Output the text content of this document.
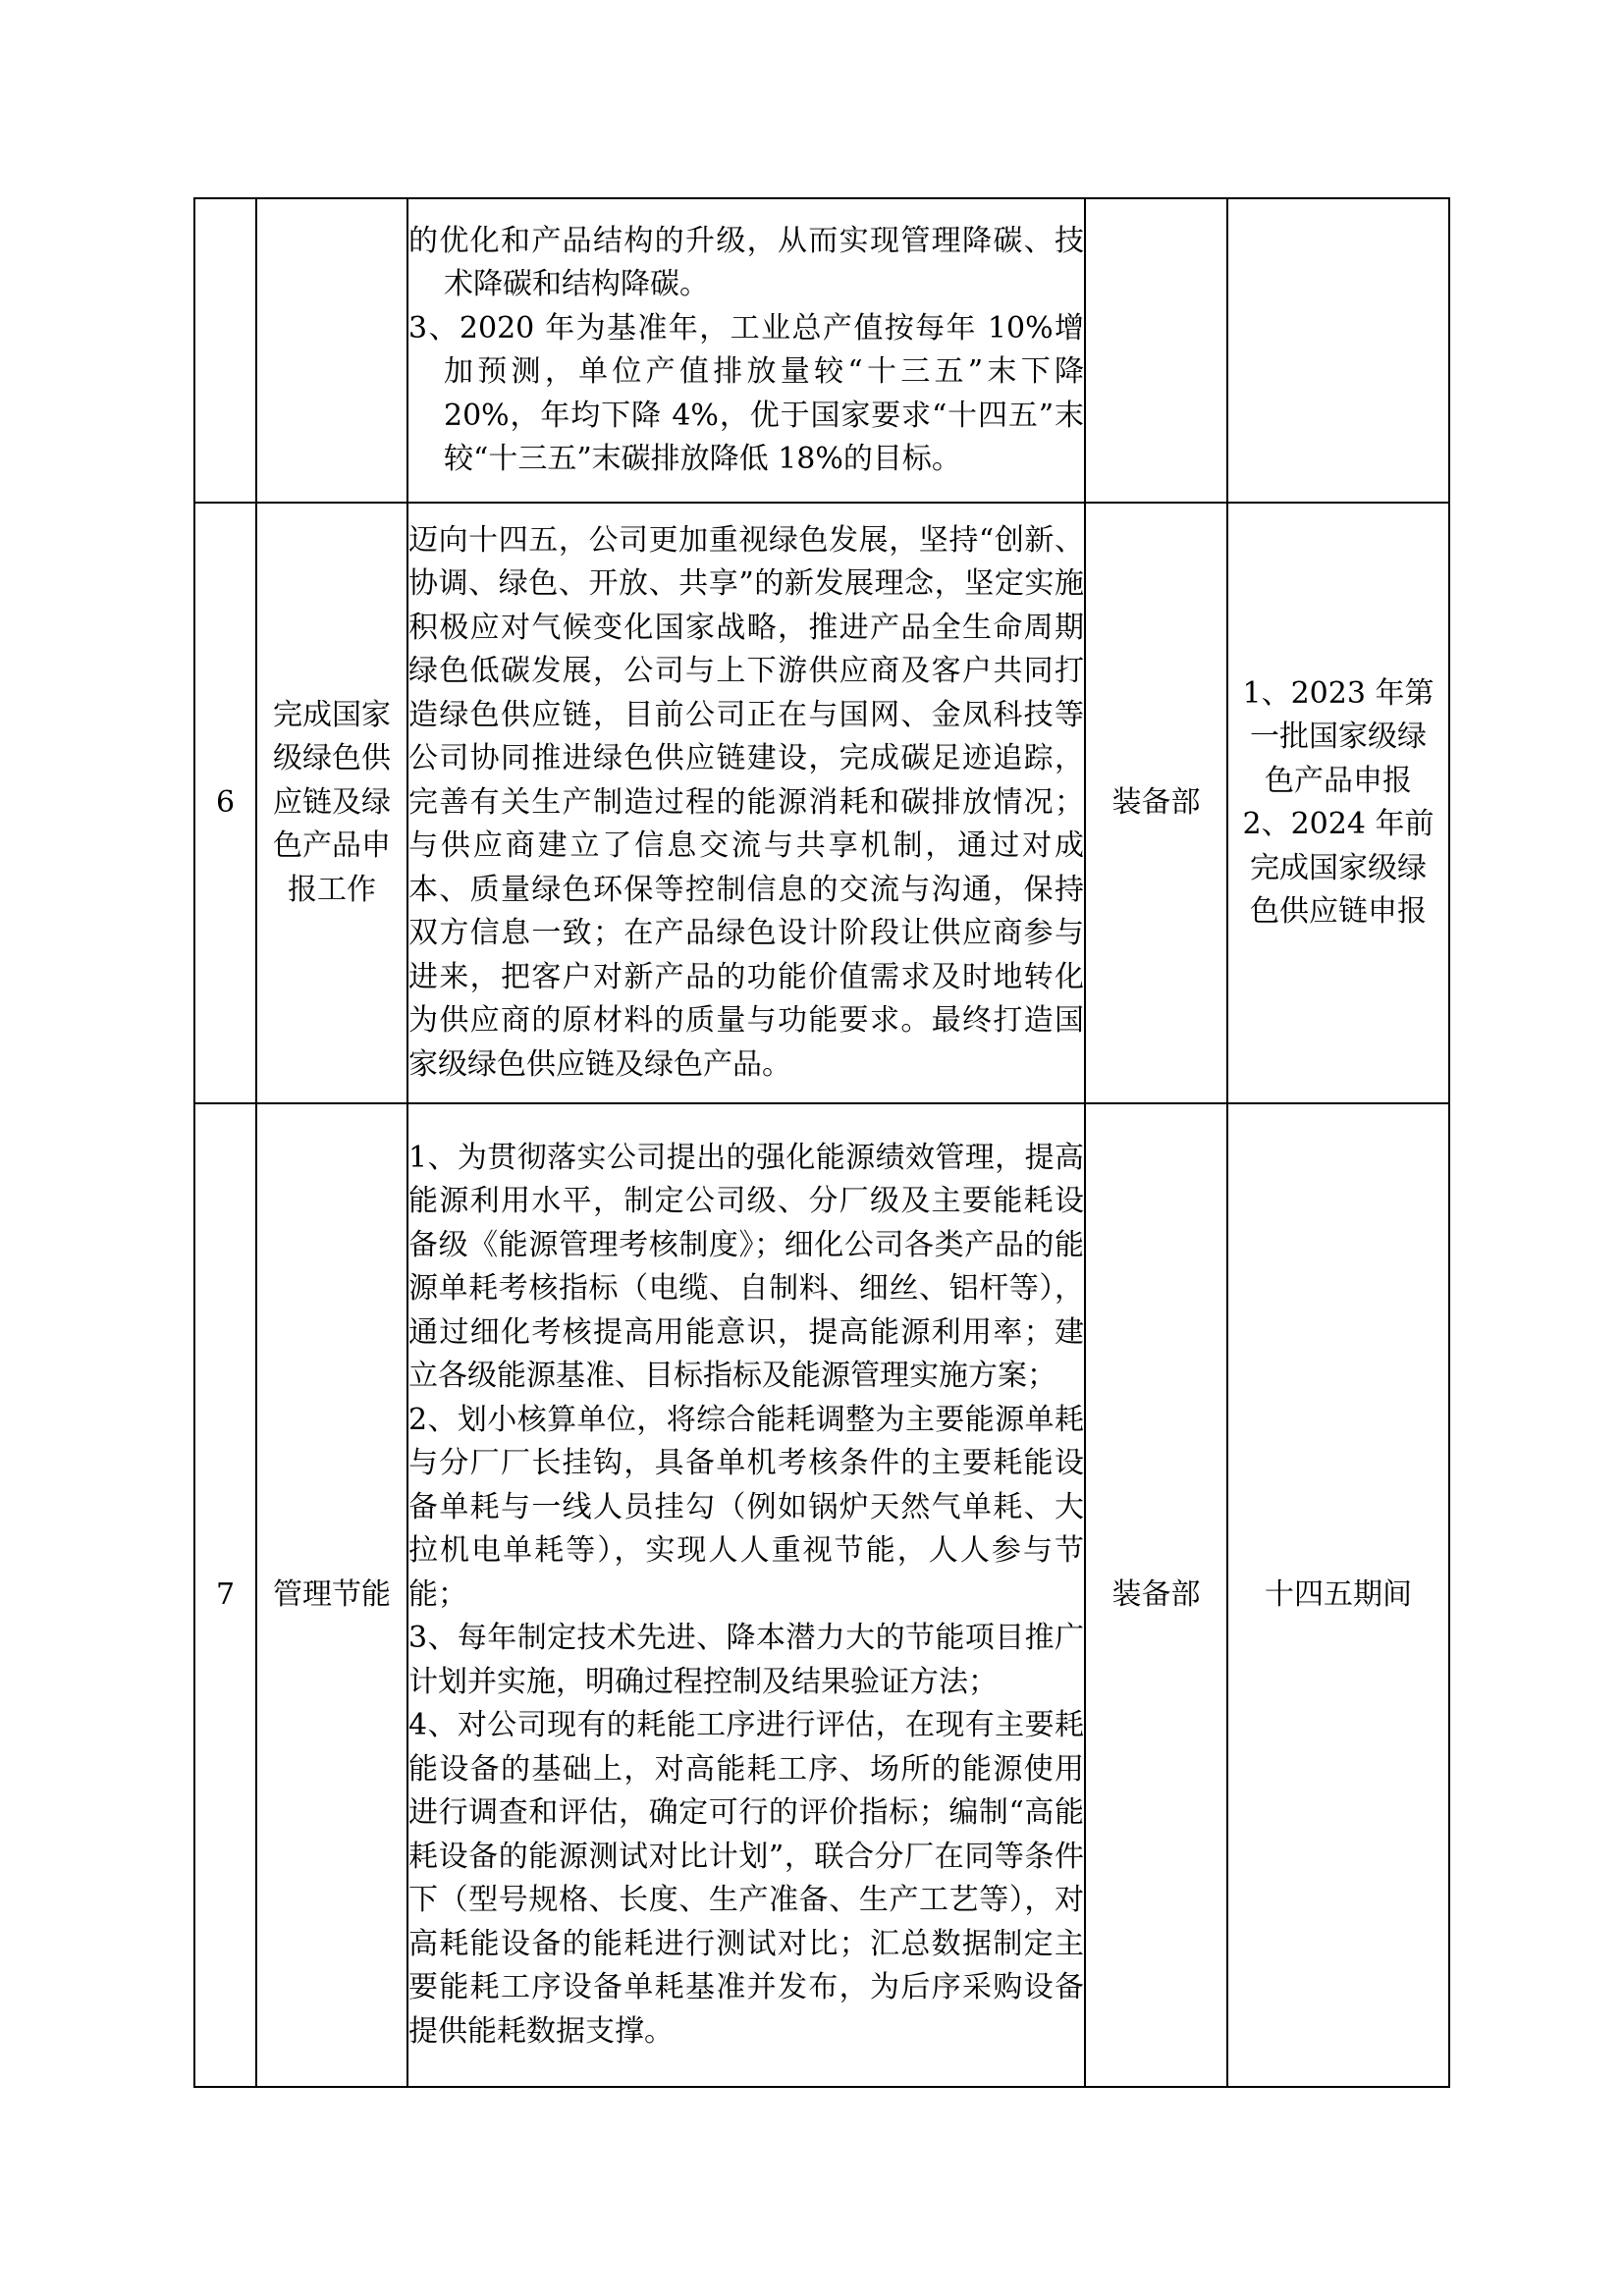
		的优化和产品结构的升级，从而实现管理降碳、技术降碳和结构降碳。
3、2020 年为基准年，工业总产值按每年 10%增加预测，单位产值排放量较“十三五”末下降 20%，年均下降 4%，优于国家要求“十四五”末较“十三五”末碳排放降低 18%的目标。		

6	完成国家级绿色供应链及绿色产品申报工作	迈向十四五，公司更加重视绿色发展，坚持“创新、协调、绿色、开放、共享”的新发展理念，坚定实施积极应对气候变化国家战略，推进产品全生命周期绿色低碳发展，公司与上下游供应商及客户共同打造绿色供应链，目前公司正在与国网、金凤科技等公司协同推进绿色供应链建设，完成碳足迹追踪，完善有关生产制造过程的能源消耗和碳排放情况；与供应商建立了信息交流与共享机制，通过对成本、质量绿色环保等控制信息的交流与沟通，保持双方信息一致；在产品绿色设计阶段让供应商参与进来，把客户对新产品的功能价值需求及时地转化为供应商的原材料的质量与功能要求。最终打造国家级绿色供应链及绿色产品。	装备部	1、2023 年第一批国家级绿色产品申报 2、2024 年前完成国家级绿色供应链申报

7	管理节能	1、为贯彻落实公司提出的强化能源绩效管理，提高能源利用水平，制定公司级、分厂级及主要能耗设备级《能源管理考核制度》；细化公司各类产品的能源单耗考核指标（电缆、自制料、细丝、铝杆等），通过细化考核提高用能意识，提高能源利用率；建立各级能源基准、目标指标及能源管理实施方案；
2、划小核算单位，将综合能耗调整为主要能源单耗与分厂厂长挂钩，具备单机考核条件的主要耗能设备单耗与一线人员挂勾（例如锅炉天然气单耗、大拉机电单耗等），实现人人重视节能，人人参与节能；
3、每年制定技术先进、降本潜力大的节能项目推广计划并实施，明确过程控制及结果验证方法；
4、对公司现有的耗能工序进行评估，在现有主要耗能设备的基础上，对高能耗工序、场所的能源使用进行调查和评估，确定可行的评价指标；编制“高能耗设备的能源测试对比计划”，联合分厂在同等条件下（型号规格、长度、生产准备、生产工艺等），对高耗能设备的能耗进行测试对比；汇总数据制定主要能耗工序设备单耗基准并发布，为后序采购设备提供能耗数据支撑。	装备部	十四五期间
